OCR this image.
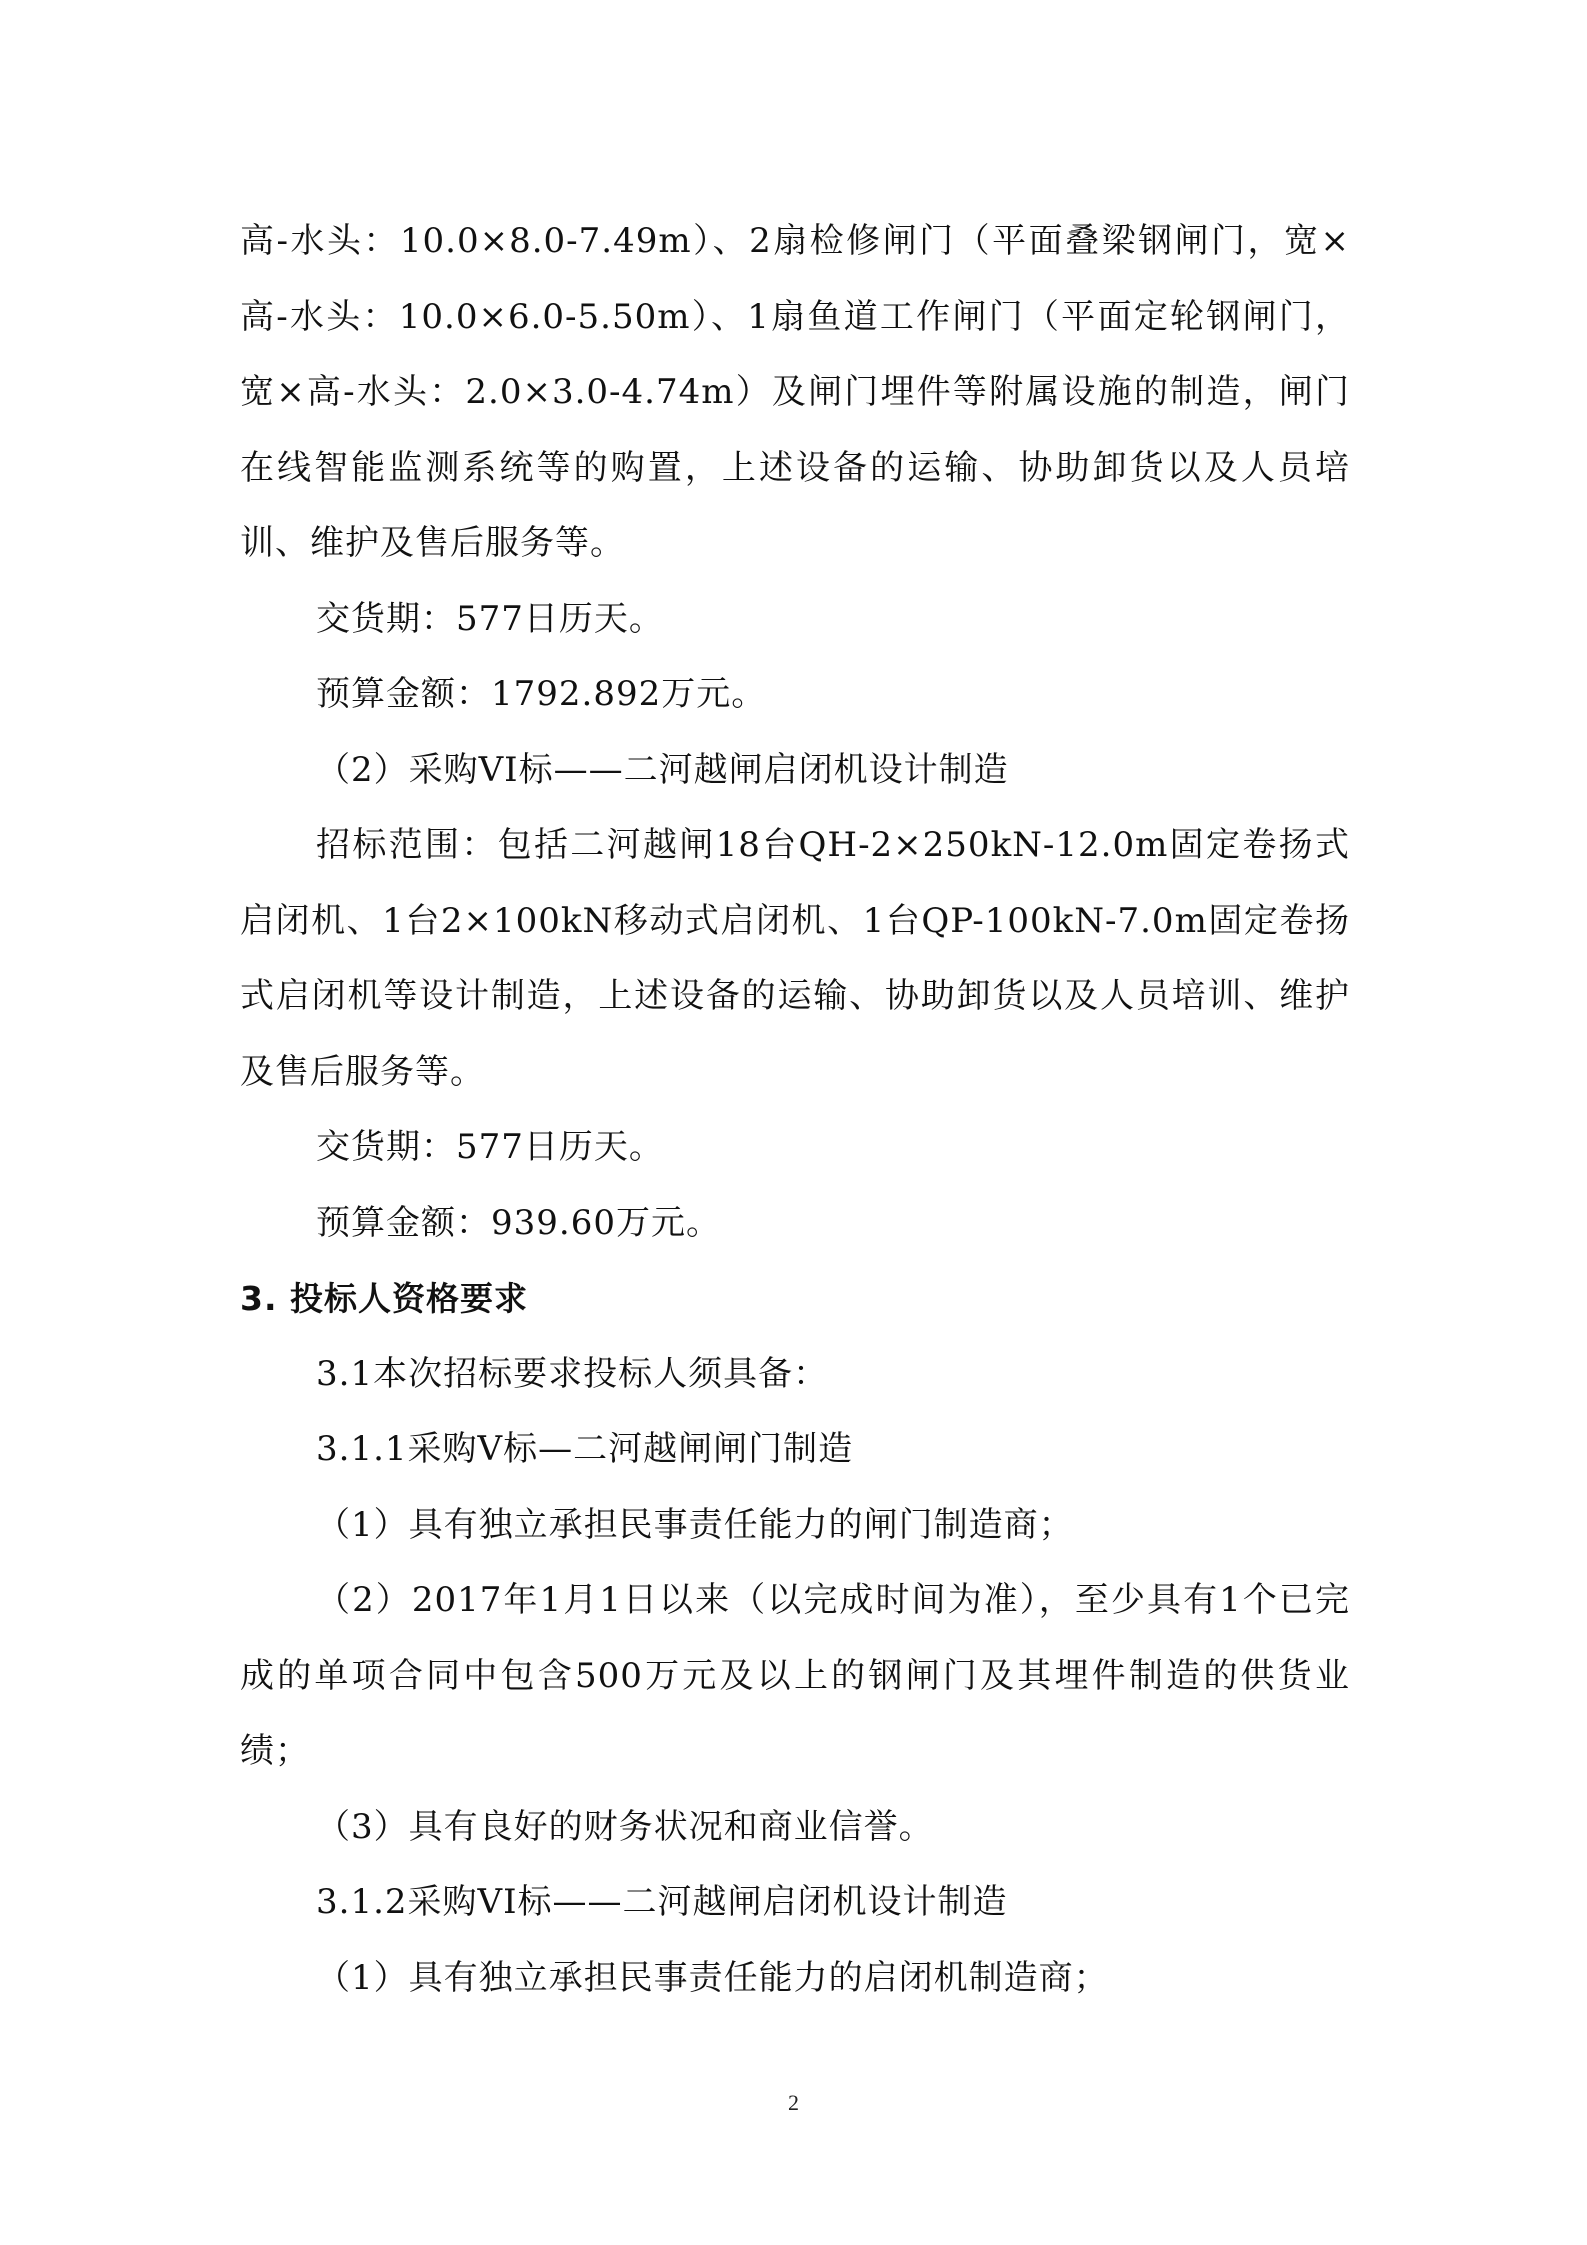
高-水头：10.0×8.0-7.49m）、2扇检修闸门（平面叠梁钢闸门，宽×高-水头：10.0×6.0-5.50m）、1扇鱼道工作闸门（平面定轮钢闸门，宽×高-水头：2.0×3.0-4.74m）及闸门埋件等附属设施的制造，闸门在线智能监测系统等的购置，上述设备的运输、协助卸货以及人员培训、维护及售后服务等。

交货期：577日历天。

预算金额：1792.892万元。

（2）采购VI标——二河越闸启闭机设计制造

招标范围：包括二河越闸18台QH-2×250kN-12.0m固定卷扬式启闭机、1台2×100kN移动式启闭机、1台QP-100kN-7.0m固定卷扬式启闭机等设计制造，上述设备的运输、协助卸货以及人员培训、维护及售后服务等。

交货期：577日历天。

预算金额：939.60万元。

3. 投标人资格要求

3.1本次招标要求投标人须具备：

3.1.1采购V标—二河越闸闸门制造

（1）具有独立承担民事责任能力的闸门制造商；

（2）2017年1月1日以来（以完成时间为准），至少具有1个已完成的单项合同中包含500万元及以上的钢闸门及其埋件制造的供货业绩；

（3）具有良好的财务状况和商业信誉。

3.1.2采购VI标——二河越闸启闭机设计制造

（1）具有独立承担民事责任能力的启闭机制造商；

2
